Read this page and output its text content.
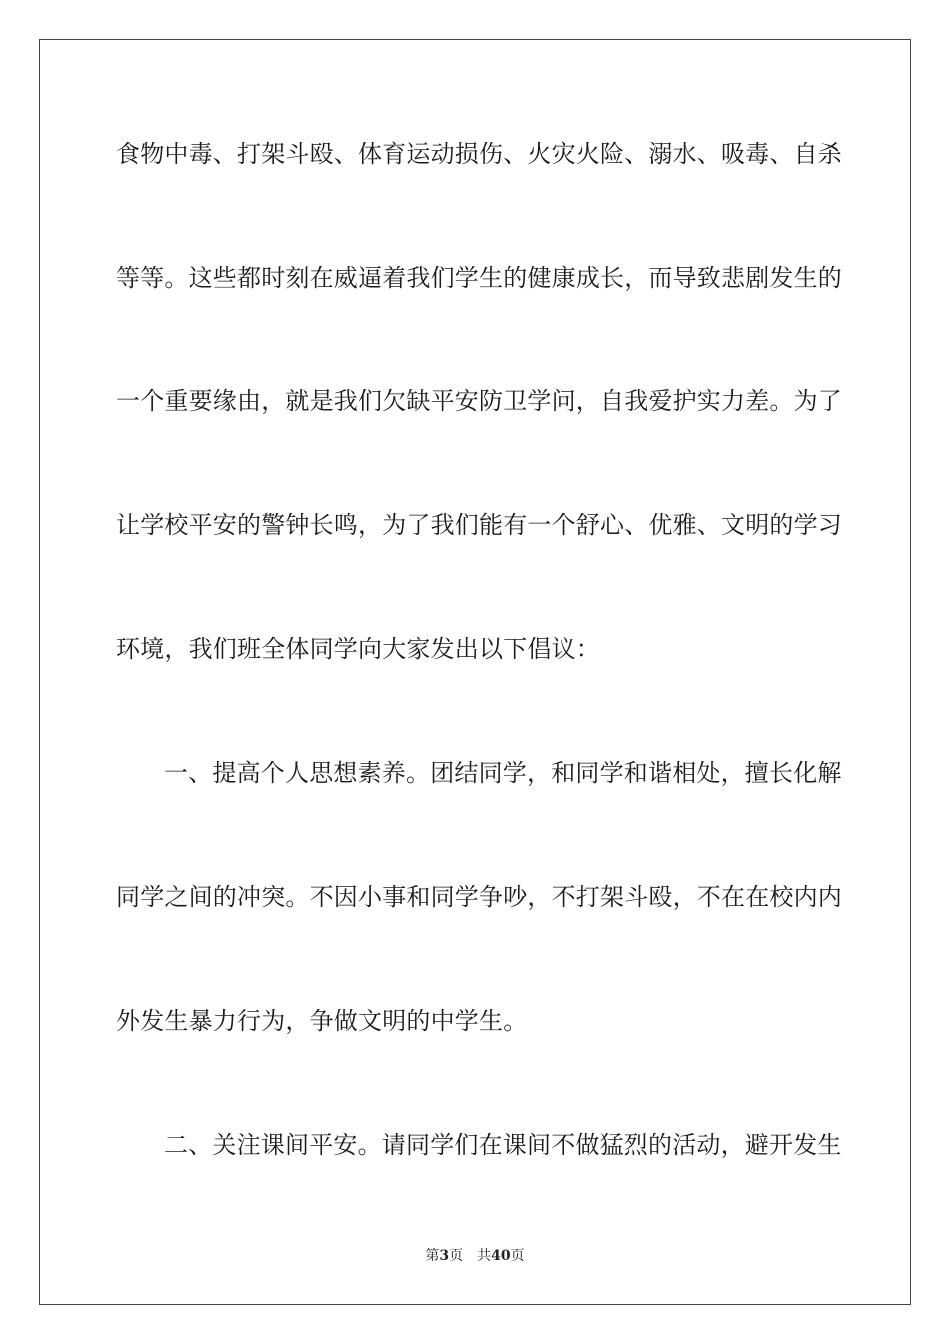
食物中毒、打架斗殴、体育运动损伤、火灾火险、溺水、吸毒、自杀
等等。这些都时刻在威逼着我们学生的健康成长，而导致悲剧发生的
一个重要缘由，就是我们欠缺平安防卫学问，自我爱护实力差。为了
让学校平安的警钟长鸣，为了我们能有一个舒心、优雅、文明的学习
环境，我们班全体同学向大家发出以下倡议：
一、提高个人思想素养。团结同学，和同学和谐相处，擅长化解
同学之间的冲突。不因小事和同学争吵，不打架斗殴，不在在校内内
外发生暴力行为，争做文明的中学生。
二、关注课间平安。请同学们在课间不做猛烈的活动，避开发生
第3页 共40页
